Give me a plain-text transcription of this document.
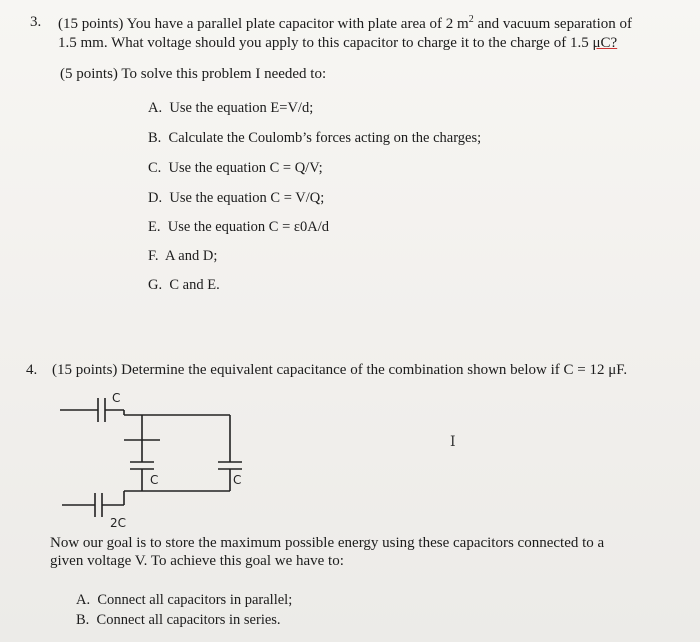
3. (15 points) You have a parallel plate capacitor with plate area of 2 $m^2$ and vacuum separation of
1.5 mm. What voltage should you apply to this capacitor to charge it to the charge of 1.5 μC?
(5 points) To solve this problem I needed to:
A. Use the equation E=V/d;
B. Calculate the Coulomb’s forces acting on the charges;
C. Use the equation C = Q/V;
D. Use the equation C = V/Q;
E. Use the equation C = ε0A/d
F. A and D;
G. C and E.
4. (15 points) Determine the equivalent capacitance of the combination shown below if C = 12 μF.
C
C	C
2C
I
Now our goal is to store the maximum possible energy using these capacitors connected to a
given voltage V. To achieve this goal we have to:
A. Connect all capacitors in parallel;
B. Connect all capacitors in series.
